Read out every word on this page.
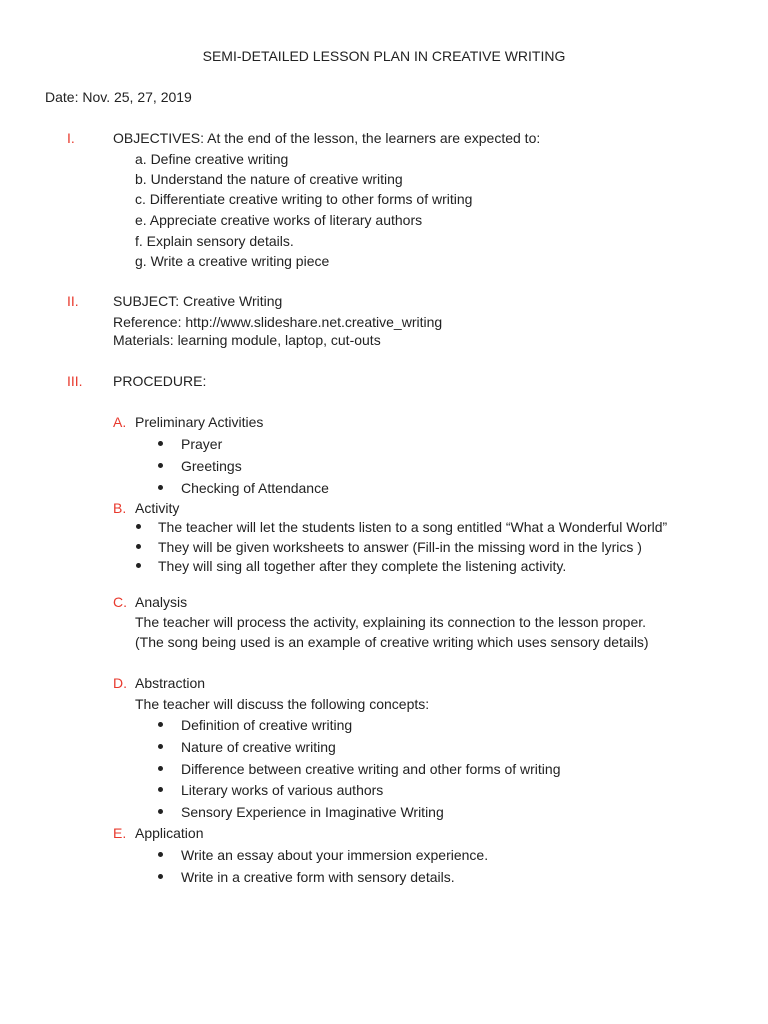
SEMI-DETAILED LESSON PLAN IN CREATIVE WRITING
Date: Nov. 25, 27, 2019
I.	OBJECTIVES: At the end of the lesson, the learners are expected to:
a. Define creative writing
b. Understand the nature of creative writing
c. Differentiate creative writing to other forms of writing
e. Appreciate creative works of literary authors
f. Explain sensory details.
g. Write a creative writing piece
II. SUBJECT: Creative Writing
Reference: http://www.slideshare.net.creative_writing
Materials: learning module, laptop, cut-outs
III. PROCEDURE:
A. Preliminary Activities
Prayer
Greetings
Checking of Attendance
B. Activity
The teacher will let the students listen to a song entitled “What a Wonderful World”
They will be given worksheets to answer (Fill-in the missing word in the lyrics )
They will sing all together after they complete the listening activity.
C. Analysis
The teacher will process the activity, explaining its connection to the lesson proper.
(The song being used is an example of creative writing which uses sensory details)
D. Abstraction
The teacher will discuss the following concepts:
Definition of creative writing
Nature of creative writing
Difference between creative writing and other forms of writing
Literary works of various authors
Sensory Experience in Imaginative Writing
E. Application
Write an essay about your immersion experience.
Write in a creative form with sensory details.
